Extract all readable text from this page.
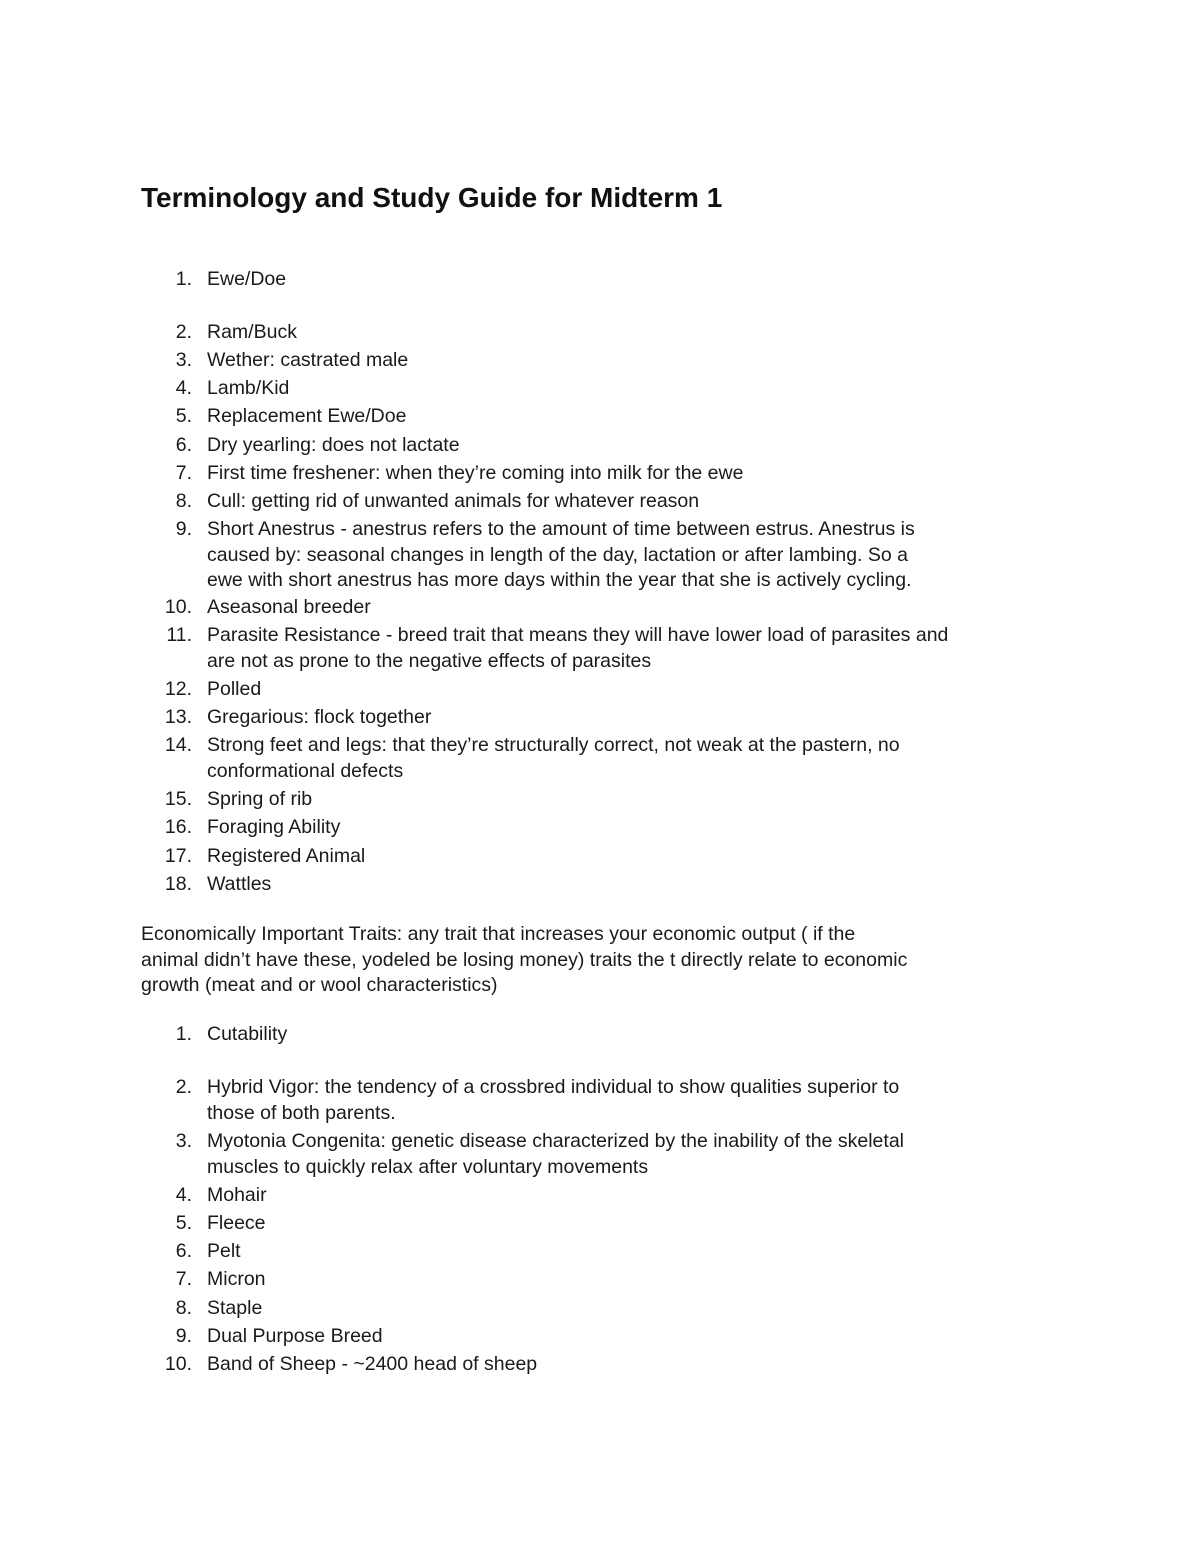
Terminology and Study Guide for Midterm 1
1. Ewe/Doe
2. Ram/Buck
3. Wether: castrated male
4. Lamb/Kid
5. Replacement Ewe/Doe
6. Dry yearling: does not lactate
7. First time freshener: when they’re coming into milk for the ewe
8. Cull: getting rid of unwanted animals for whatever reason
9. Short Anestrus - anestrus refers to the amount of time between estrus. Anestrus is
caused by: seasonal changes in length of the day, lactation or after lambing. So a
ewe with short anestrus has more days within the year that she is actively cycling.
10. Aseasonal breeder
11. Parasite Resistance - breed trait that means they will have lower load of parasites and
are not as prone to the negative effects of parasites
12. Polled
13. Gregarious: flock together
14. Strong feet and legs: that they’re structurally correct, not weak at the pastern, no
conformational defects
15. Spring of rib
16. Foraging Ability
17. Registered Animal
18. Wattles

Economically Important Traits: any trait that increases your economic output ( if the
animal didn’t have these, yodeled be losing money) traits the t directly relate to economic
growth (meat and or wool characteristics)

1. Cutability
2. Hybrid Vigor: the tendency of a crossbred individual to show qualities superior to
those of both parents.
3. Myotonia Congenita: genetic disease characterized by the inability of the skeletal
muscles to quickly relax after voluntary movements
4. Mohair
5. Fleece
6. Pelt
7. Micron
8. Staple
9. Dual Purpose Breed
10. Band of Sheep - ~2400 head of sheep
